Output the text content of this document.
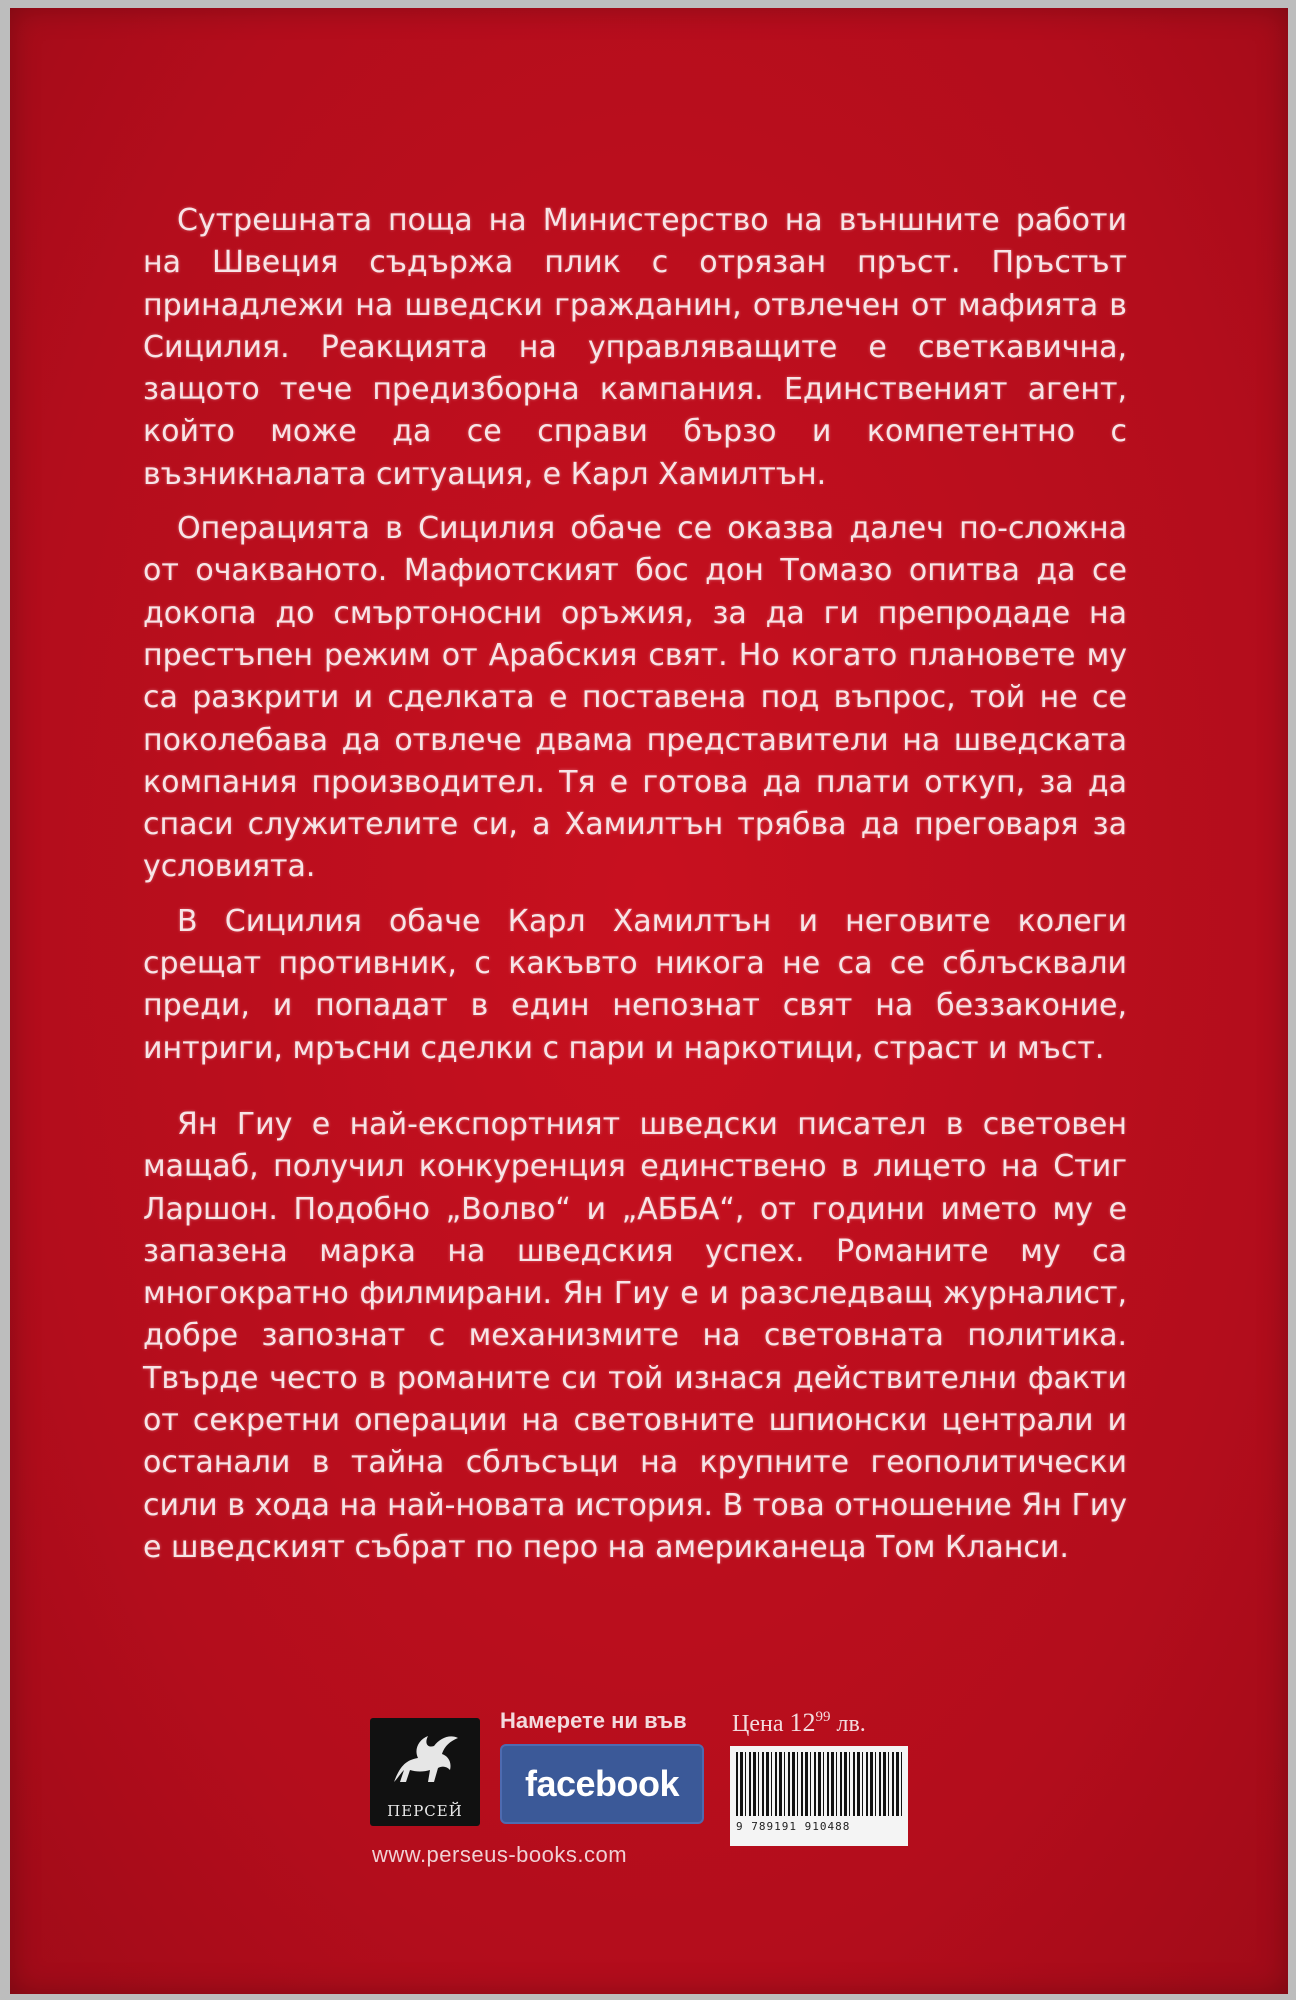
Сутрешната поща на Министерство на външните работи на Швеция съдържа плик с отрязан пръст. Пръстът принадлежи на шведски гражданин, отвлечен от мафията в Сицилия. Реакцията на управляващите е светкавична, защото тече предизборна кампания. Единственият агент, който може да се справи бързо и компетентно с възникналата ситуация, е Карл Хамилтън.

Операцията в Сицилия обаче се оказва далеч по-сложна от очакваното. Мафиотският бос дон Томазо опитва да се докопа до смъртоносни оръжия, за да ги препродаде на престъпен режим от Арабския свят. Но когато плановете му са разкрити и сделката е поставена под въпрос, той не се поколебава да отвлече двама представители на шведската компания производител. Тя е готова да плати откуп, за да спаси служителите си, а Хамилтън трябва да преговаря за условията.

В Сицилия обаче Карл Хамилтън и неговите колеги срещат противник, с какъвто никога не са се сблъсквали преди, и попадат в един непознат свят на беззаконие, интриги, мръсни сделки с пари и наркотици, страст и мъст.

Ян Гиу е най-експортният шведски писател в световен мащаб, получил конкуренция единствено в лицето на Стиг Ларшон. Подобно „Волво“ и „АББА“, от години името му е запазена марка на шведския успех. Романите му са многократно филмирани. Ян Гиу е и разследващ журналист, добре запознат с механизмите на световната политика. Твърде често в романите си той изнася действителни факти от секретни операции на световните шпионски централи и останали в тайна сблъсъци на крупните геополитически сили в хода на най-новата история. В това отношение Ян Гиу е шведският събрат по перо на американеца Том Кланси.

ПЕРСЕЙ
Намерете ни във
facebook
Цена $12^{99}$ лв.
9 789191 910488
www.perseus-books.com
